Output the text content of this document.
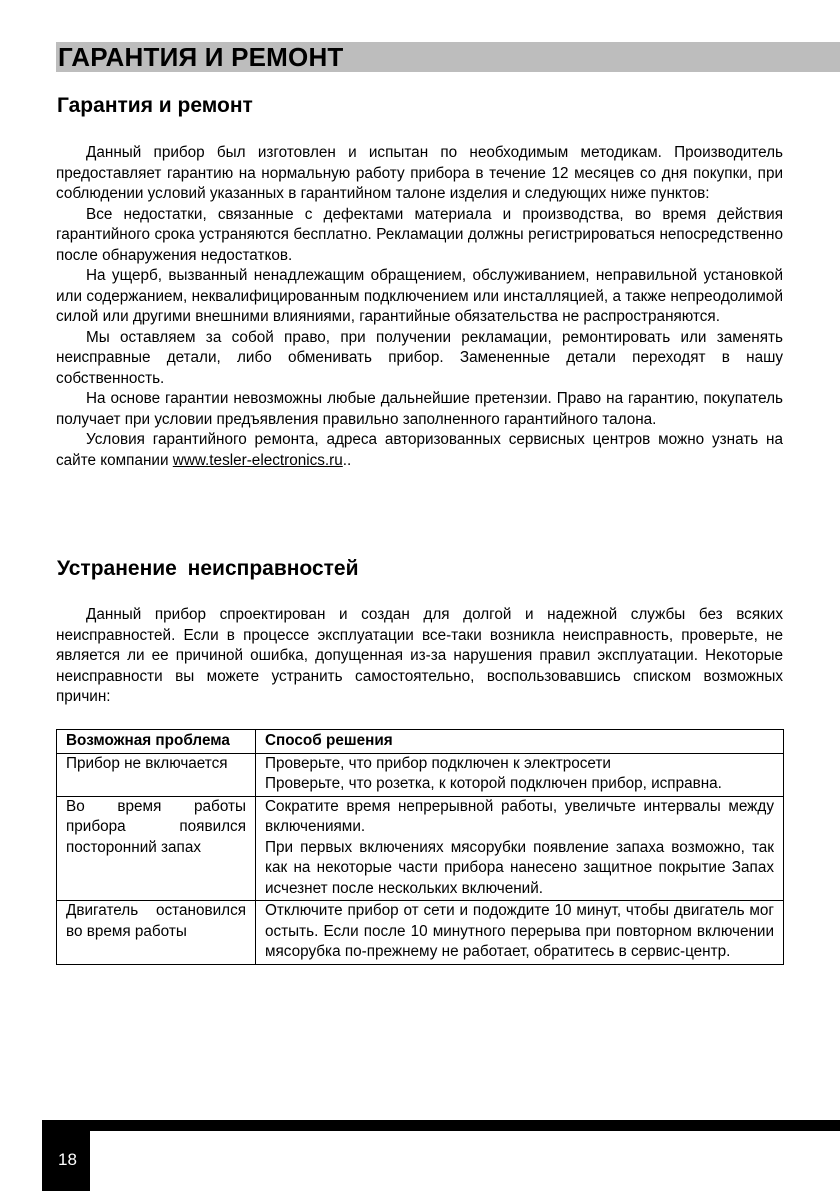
ГАРАНТИЯ И РЕМОНТ
Гарантия и ремонт

Данный прибор был изготовлен и испытан по необходимым методикам. Производитель предоставляет гарантию на нормальную работу прибора в течение 12 месяцев со дня покупки, при соблюдении условий указанных в гарантийном талоне изделия и следующих ниже пунктов:

Все недостатки, связанные с дефектами материала и производства, во время действия гарантийного срока устраняются бесплатно. Рекламации должны регистрироваться непосредственно после обнаружения недостатков.

На ущерб, вызванный ненадлежащим обращением, обслуживанием, неправильной установкой или содержанием, неквалифицированным подключением или инсталляцией, а также непреодолимой силой или другими внешними влияниями, гарантийные обязательства не распространяются.

Мы оставляем за собой право, при получении рекламации, ремонтировать или заменять неисправные детали, либо обменивать прибор. Замененные детали переходят в нашу собственность.

На основе гарантии невозможны любые дальнейшие претензии. Право на гарантию, покупатель получает при условии предъявления правильно заполненного гарантийного талона.

Условия гарантийного ремонта, адреса авторизованных сервисных центров можно узнать на сайте компании www.tesler-electronics.ru..

Устранение неисправностей

Данный прибор спроектирован и создан для долгой и надежной службы без всяких неисправностей. Если в процессе эксплуатации все-таки возникла неисправность, проверьте, не является ли ее причиной ошибка, допущенная из-за нарушения правил эксплуатации. Некоторые неисправности вы можете устранить самостоятельно, воспользовавшись списком возможных причин:

Возможная проблема	Способ решения
Прибор не включается	Проверьте, что прибор подключен к электросети

Проверьте, что розетка, к которой подключен прибор, исправна.

Во время работы прибора появился посторонний запах	Сократите время непрерывной работы, увеличьте интервалы между включениями.

При первых включениях мясорубки появление запаха возможно, так как на некоторые части прибора нанесено защитное покрытие Запах исчезнет после нескольких включений.

Двигатель остановился во время работы	Отключите прибор от сети и подождите 10 минут, чтобы двигатель мог остыть. Если после 10 минутного перерыва при повторном включении мясорубка по-прежнему не работает, обратитесь в сервис-центр.

18
